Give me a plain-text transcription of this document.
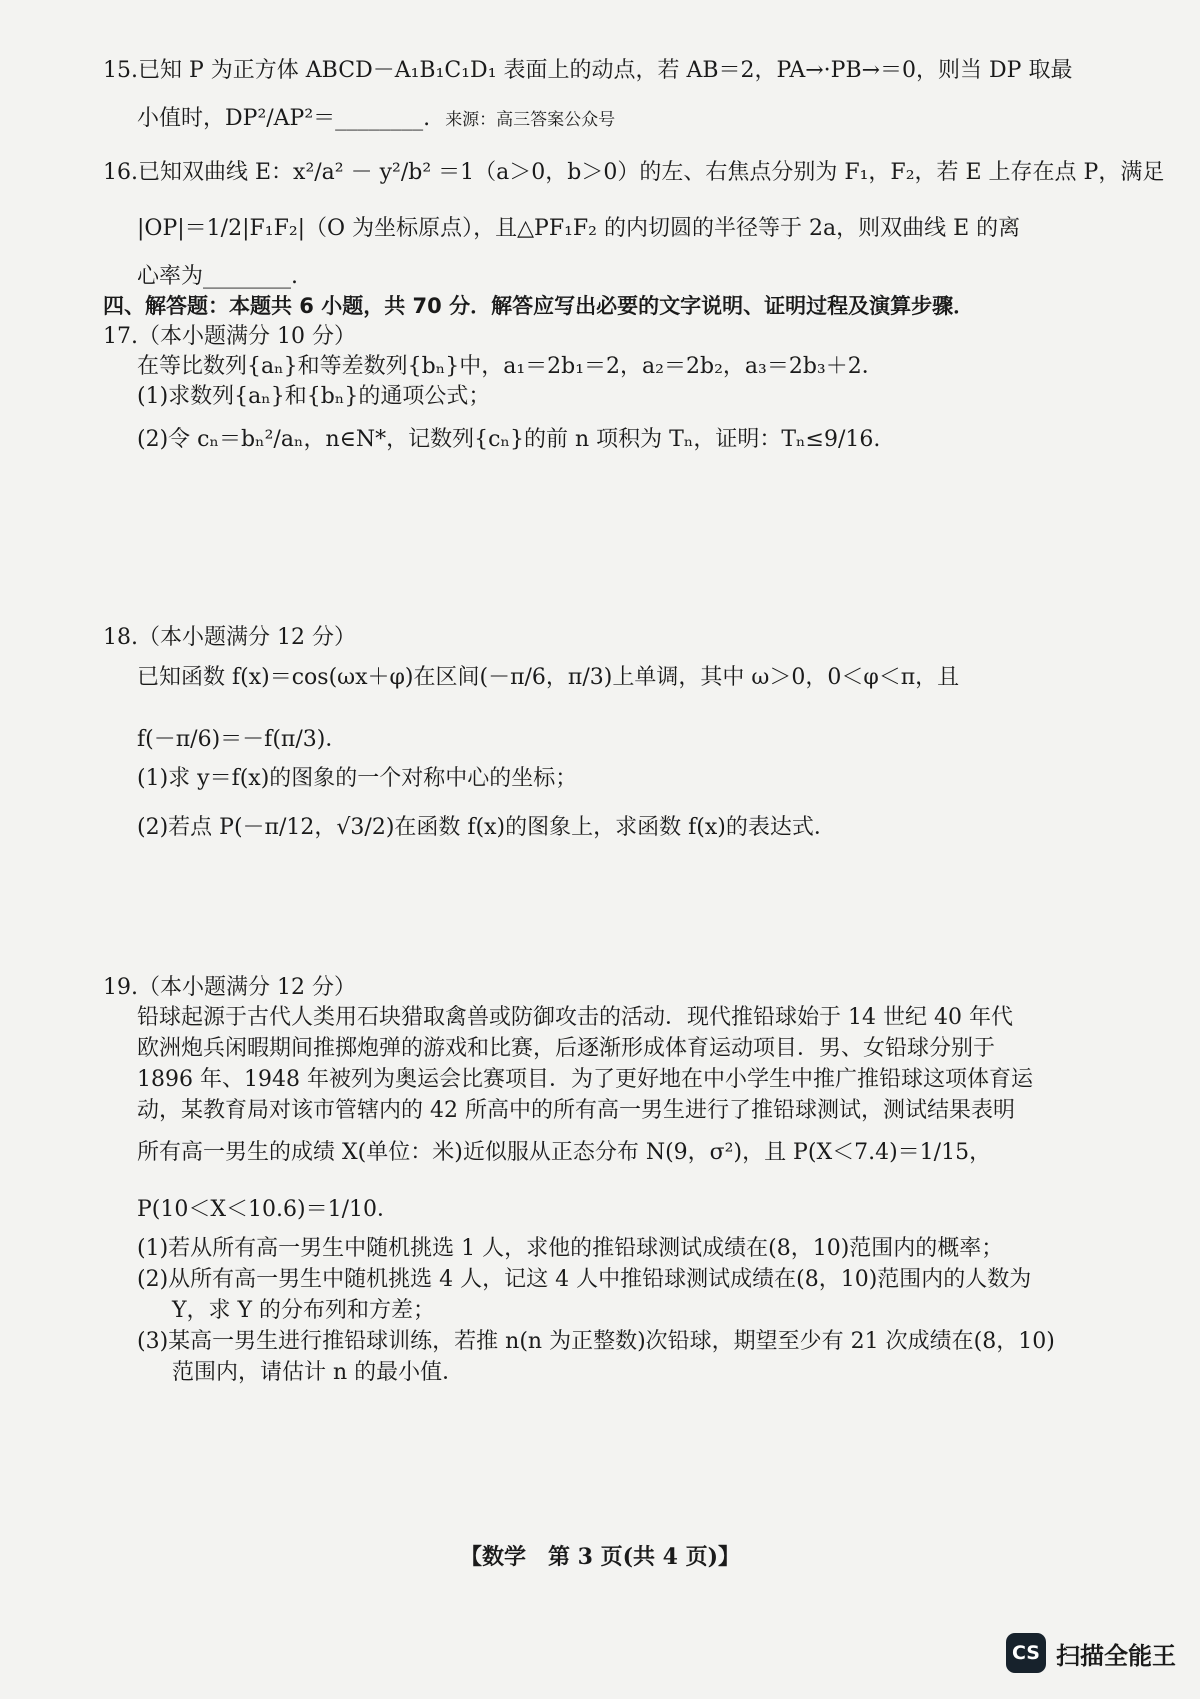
15.已知 P 为正方体 ABCD－A₁B₁C₁D₁ 表面上的动点，若 AB＝2，PA→·PB→＝0，则当 DP 取最
小值时，DP²/AP²＝________. 来源：高三答案公众号
16.已知双曲线 E：x²/a² － y²/b² ＝1（a＞0，b＞0）的左、右焦点分别为 F₁，F₂，若 E 上存在点 P，满足
|OP|＝1/2|F₁F₂|（O 为坐标原点），且△PF₁F₂ 的内切圆的半径等于 2a，则双曲线 E 的离
心率为________.
四、解答题：本题共 6 小题，共 70 分．解答应写出必要的文字说明、证明过程及演算步骤．
17.（本小题满分 10 分）
在等比数列{aₙ}和等差数列{bₙ}中，a₁＝2b₁＝2，a₂＝2b₂，a₃＝2b₃＋2．
(1)求数列{aₙ}和{bₙ}的通项公式；
(2)令 cₙ＝bₙ²/aₙ，n∈N*，记数列{cₙ}的前 n 项积为 Tₙ，证明：Tₙ≤9/16.
18.（本小题满分 12 分）
已知函数 f(x)＝cos(ωx＋φ)在区间(－π/6，π/3)上单调，其中 ω＞0，0＜φ＜π，且
f(－π/6)＝－f(π/3)．
(1)求 y＝f(x)的图象的一个对称中心的坐标；
(2)若点 P(－π/12，√3/2)在函数 f(x)的图象上，求函数 f(x)的表达式．
19.（本小题满分 12 分）
铅球起源于古代人类用石块猎取禽兽或防御攻击的活动．现代推铅球始于 14 世纪 40 年代
欧洲炮兵闲暇期间推掷炮弹的游戏和比赛，后逐渐形成体育运动项目．男、女铅球分别于
1896 年、1948 年被列为奥运会比赛项目．为了更好地在中小学生中推广推铅球这项体育运
动，某教育局对该市管辖内的 42 所高中的所有高一男生进行了推铅球测试，测试结果表明
所有高一男生的成绩 X(单位：米)近似服从正态分布 N(9，σ²)，且 P(X＜7.4)＝1/15，
P(10＜X＜10.6)＝1/10．
(1)若从所有高一男生中随机挑选 1 人，求他的推铅球测试成绩在(8，10)范围内的概率；
(2)从所有高一男生中随机挑选 4 人，记这 4 人中推铅球测试成绩在(8，10)范围内的人数为
Y，求 Y 的分布列和方差；
(3)某高一男生进行推铅球训练，若推 n(n 为正整数)次铅球，期望至少有 21 次成绩在(8，10)
范围内，请估计 n 的最小值．
【数学　第 3 页(共 4 页)】
CS 扫描全能王
